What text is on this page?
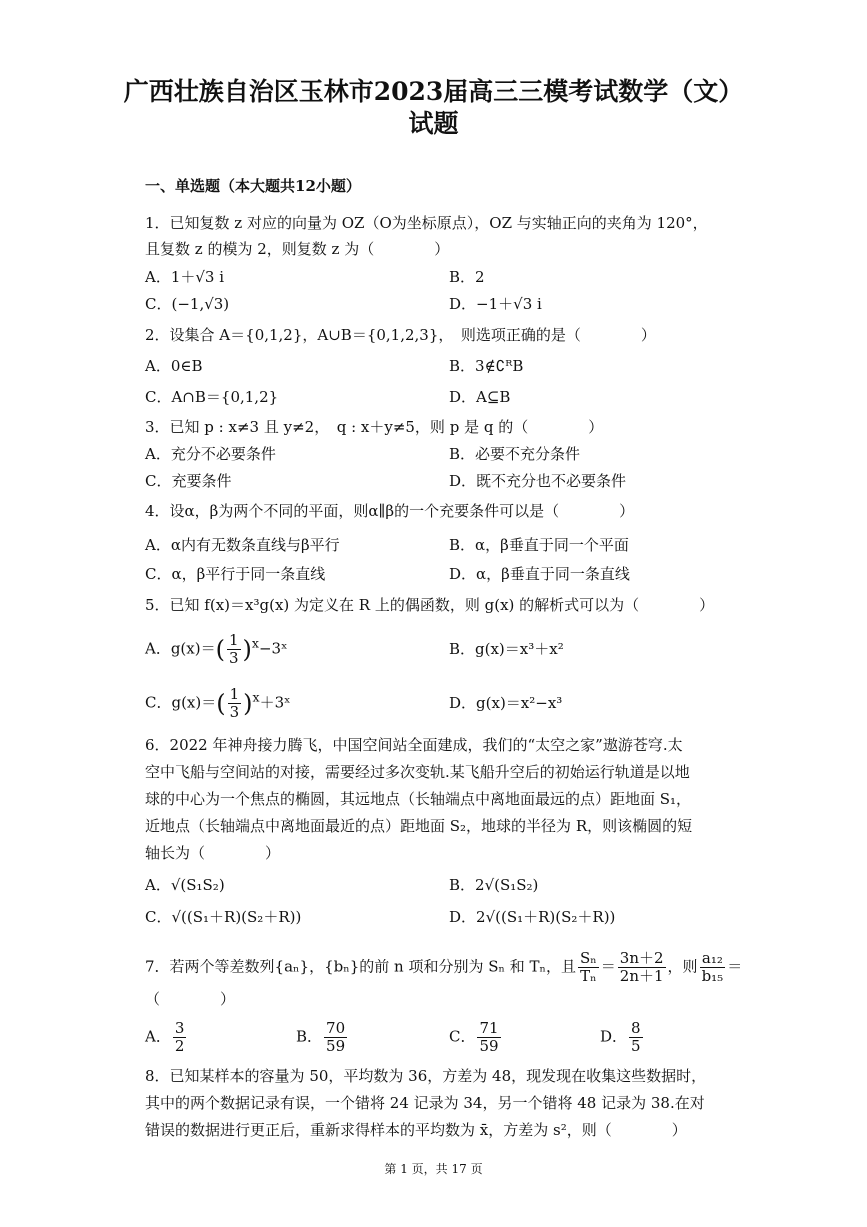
广西壮族自治区玉林市2023届高三三模考试数学（文）
试题
一、单选题（本大题共12小题）
1．已知复数 z 对应的向量为 OZ（O为坐标原点），OZ 与实轴正向的夹角为 120°，
且复数 z 的模为 2，则复数 z 为（　　　　）
A．1＋√3 i	B．2
C．(−1,√3)	D．−1＋√3 i
2．设集合 A＝{0,1,2}，A∪B＝{0,1,2,3}，　则选项正确的是（　　　　）
A．0∈B	B．3∉∁ᴿB
C．A∩B＝{0,1,2}	D．A⊆B
3．已知 p : x≠3 且 y≠2，　q : x＋y≠5，则 p 是 q 的（　　　　）
A．充分不必要条件	B．必要不充分条件
C．充要条件	D．既不充分也不必要条件
4．设α，β为两个不同的平面，则α∥β的一个充要条件可以是（　　　　）
A．α内有无数条直线与β平行	B．α，β垂直于同一个平面
C．α，β平行于同一条直线	D．α，β垂直于同一条直线
5．已知 f(x)＝x³g(x) 为定义在 R 上的偶函数，则 g(x) 的解析式可以为（　　　　）
A．$g(x)=( \frac{1}{3}$ )$^x-3ˣ$	B．g(x)＝x³＋x²
C．$g(x)=( \frac{1}{3}$ )$^x+3ˣ$	D．g(x)＝x²−x³
6．2022 年神舟接力腾飞，中国空间站全面建成，我们的“太空之家”遨游苍穹.太
空中飞船与空间站的对接，需要经过多次变轨.某飞船升空后的初始运行轨道是以地
球的中心为一个焦点的椭圆，其远地点（长轴端点中离地面最远的点）距地面 S₁，
近地点（长轴端点中离地面最近的点）距地面 S₂，地球的半径为 R，则该椭圆的短
轴长为（　　　　）
A．√(S₁S₂)	B．2√(S₁S₂)
C．√((S₁＋R)(S₂＋R))	D．2√((S₁＋R)(S₂＋R))
7．若两个等差数列{aₙ}，{bₙ}的前 n 项和分别为 Sₙ 和 Tₙ，且 $\frac{\text{Sₙ}}{\text{Tₙ}} = \frac{3n+2}{2n+1}$ ，则 $\frac{\text{a₁₂}}{\text{b₁₅}}$ ＝
（　　　　）
A． $\frac{3}{2}$	B． $\frac{70}{59}$	C． $\frac{71}{59}$	D． $\frac{8}{5}$
8．已知某样本的容量为 50，平均数为 36，方差为 48，现发现在收集这些数据时，
其中的两个数据记录有误，一个错将 24 记录为 34，另一个错将 48 记录为 38.在对
错误的数据进行更正后，重新求得样本的平均数为 x̄，方差为 s²，则（　　　　）
第 1 页，共 17 页
